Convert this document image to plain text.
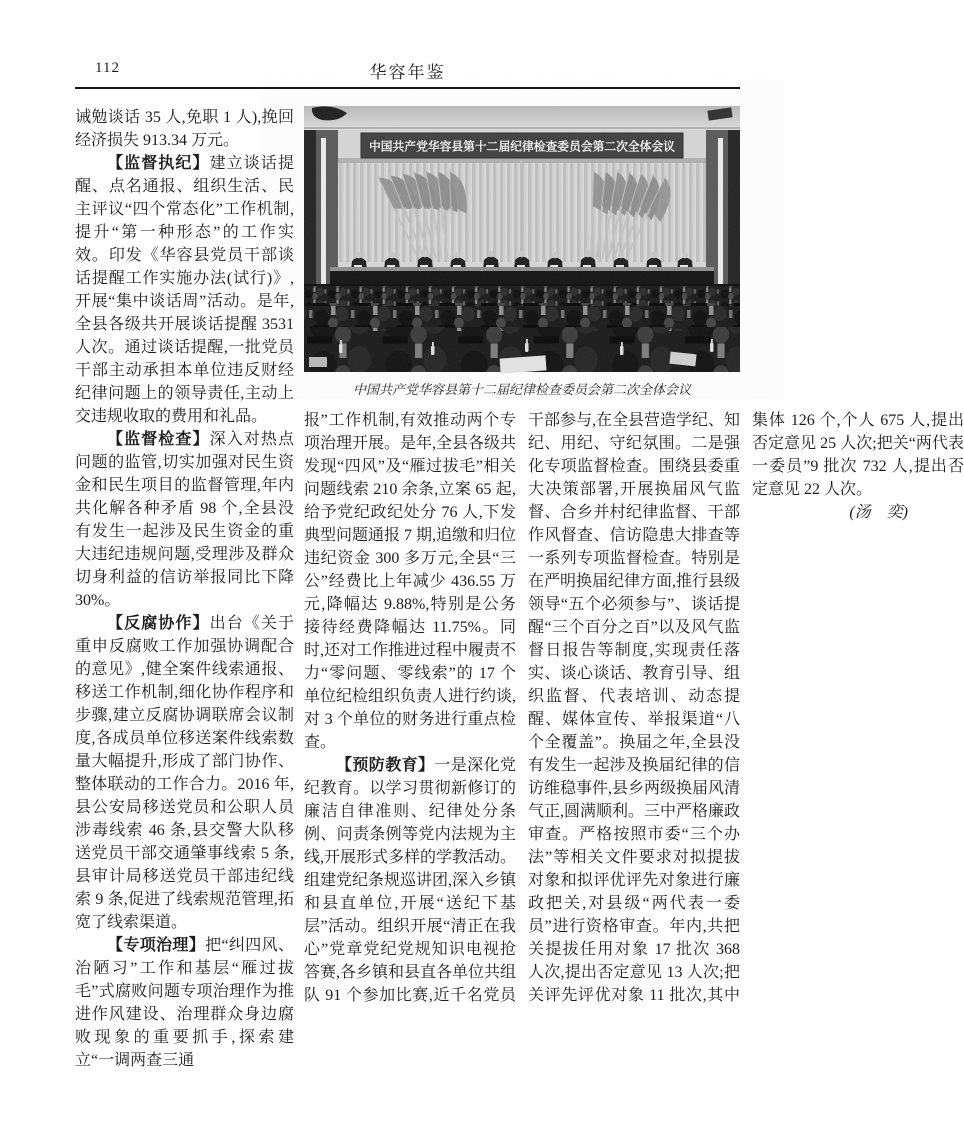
112	华容年鉴

诫勉谈话 35 人,免职 1 人),挽回经济损失 913.34 万元。

【监督执纪】建立谈话提醒、点名通报、组织生活、民主评议“四个常态化”工作机制,提升“第一种形态”的工作实效。印发《华容县党员干部谈话提醒工作实施办法(试行)》,开展“集中谈话周”活动。是年,全县各级共开展谈话提醒 3531 人次。通过谈话提醒,一批党员干部主动承担本单位违反财经纪律问题上的领导责任,主动上交违规收取的费用和礼品。

【监督检查】深入对热点问题的监管,切实加强对民生资金和民生项目的监督管理,年内共化解各种矛盾 98 个,全县没有发生一起涉及民生资金的重大违纪违规问题,受理涉及群众切身利益的信访举报同比下降 30%。

【反腐协作】出台《关于重申反腐败工作加强协调配合的意见》,健全案件线索通报、移送工作机制,细化协作程序和步骤,建立反腐协调联席会议制度,各成员单位移送案件线索数量大幅提升,形成了部门协作、整体联动的工作合力。2016 年,县公安局移送党员和公职人员涉毒线索 46 条,县交警大队移送党员干部交通肇事线索 5 条,县审计局移送党员干部违纪线索 9 条,促进了线索规范管理,拓宽了线索渠道。

【专项治理】把“纠四风、治陋习”工作和基层“雁过拔毛”式腐败问题专项治理作为推进作风建设、治理群众身边腐败现象的重要抓手,探索建立“一调两查三通

中国共产党华容县第十二届纪律检查委员会第二次全体会议
中国共产党华容县第十二届纪律检查委员会第二次全体会议

报”工作机制,有效推动两个专项治理开展。是年,全县各级共发现“四风”及“雁过拔毛”相关问题线索 210 余条,立案 65 起,给予党纪政纪处分 76 人,下发典型问题通报 7 期,追缴和归位违纪资金 300 多万元,全县“三公”经费比上年减少 436.55 万元,降幅达 9.88%,特别是公务接待经费降幅达 11.75%。同时,还对工作推进过程中履责不力“零问题、零线索”的 17 个单位纪检组织负责人进行约谈,对 3 个单位的财务进行重点检查。

【预防教育】一是深化党纪教育。以学习贯彻新修订的廉洁自律准则、纪律处分条例、问责条例等党内法规为主线,开展形式多样的学教活动。组建党纪条规巡讲团,深入乡镇和县直单位,开展“送纪下基层”活动。组织开展“清正在我心”党章党纪党规知识电视抢答赛,各乡镇和县直各单位共组队 91 个参加比赛,近千名党员干部参与,在全县营造学纪、知纪、用纪、守纪氛围。二是强化专项监督检查。围绕县委重大决策部署,开展换届风气监督、合乡并村纪律监督、干部作风督查、信访隐患大排查等一系列专项监督检查。特别是在严明换届纪律方面,推行县级领导“五个必须参与”、谈话提醒“三个百分之百”以及风气监督日报告等制度,实现责任落实、谈心谈话、教育引导、组织监督、代表培训、动态提醒、媒体宣传、举报渠道“八个全覆盖”。换届之年,全县没有发生一起涉及换届纪律的信访维稳事件,县乡两级换届风清气正,圆满顺利。三中严格廉政审查。严格按照市委“三个办法”等相关文件要求对拟提拔对象和拟评优评先对象进行廉政把关,对县级“两代表一委员”进行资格审查。年内,共把关提拔任用对象 17 批次 368 人次,提出否定意见 13 人次;把关评先评优对象 11 批次,其中集体 126 个,个人 675 人,提出否定意见 25 人次;把关“两代表一委员”9 批次 732 人,提出否定意见 22 人次。

(汤　奕)
